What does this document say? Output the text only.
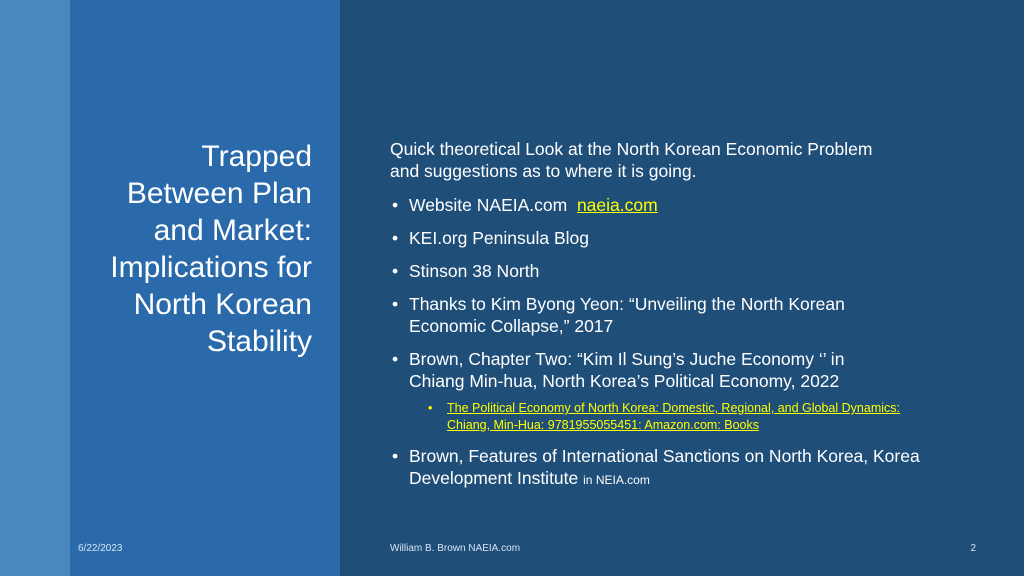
Trapped
Between Plan
and Market:
Implications for
North Korean
Stability

Quick theoretical Look at the North Korean Economic Problem
and suggestions as to where it is going.

• Website NAEIA.com naeia.com
• KEI.org Peninsula Blog
• Stinson 38 North
• Thanks to Kim Byong Yeon: “Unveiling the North Korean
Economic Collapse,” 2017
• Brown, Chapter Two: “Kim Il Sung’s Juche Economy ‘’ in
Chiang Min-hua, North Korea’s Political Economy, 2022
• The Political Economy of North Korea: Domestic, Regional, and Global Dynamics:
Chiang, Min-Hua: 9781955055451: Amazon.com: Books
• Brown, Features of International Sanctions on North Korea, Korea
Development Institute in NEIA.com
6/22/2023	William B. Brown NAEIA.com	2
